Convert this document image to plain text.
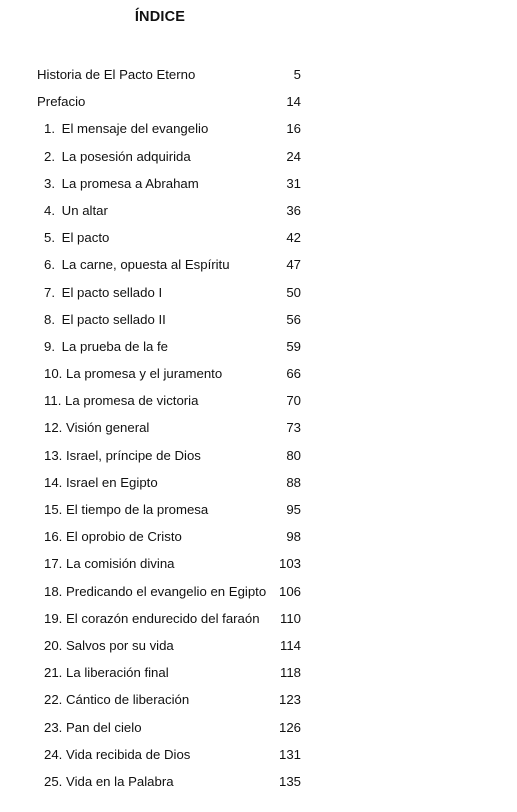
ÍNDICE
Historia de El Pacto Eterno	5
Prefacio	14
1. El mensaje del evangelio	16
2. La posesión adquirida	24
3. La promesa a Abraham	31
4. Un altar	36
5. El pacto	42
6. La carne, opuesta al Espíritu	47
7. El pacto sellado I	50
8. El pacto sellado II	56
9. La prueba de la fe	59
10. La promesa y el juramento	66
11. La promesa de victoria	70
12. Visión general	73
13. Israel, príncipe de Dios	80
14. Israel en Egipto	88
15. El tiempo de la promesa	95
16. El oprobio de Cristo	98
17. La comisión divina	103
18. Predicando el evangelio en Egipto 106
19. El corazón endurecido del faraón 110
20. Salvos por su vida	114
21. La liberación final	118
22. Cántico de liberación	123
23. Pan del cielo	126
24. Vida recibida de Dios	131
25. Vida en la Palabra	135
